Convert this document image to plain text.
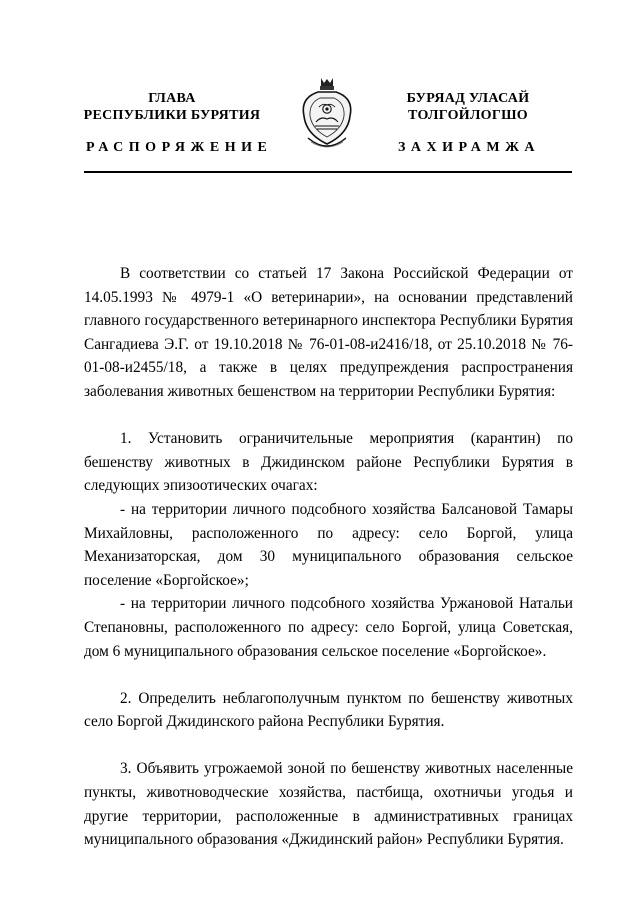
ГЛАВА
РЕСПУБЛИКИ БУРЯТИЯ
БУРЯАД УЛАСАЙ
ТОЛГОЙЛОГШО
РАСПОРЯЖЕНИЕ	ЗАХИРАМЖА

В соответствии со статьей 17 Закона Российской Федерации от 14.05.1993 № 4979-1 «О ветеринарии», на основании представлений главного государственного ветеринарного инспектора Республики Бурятия Сангадиева Э.Г. от 19.10.2018 № 76-01-08-и2416/18, от 25.10.2018 № 76-01-08-и2455/18, а также в целях предупреждения распространения заболевания животных бешенством на территории Республики Бурятия:

1. Установить ограничительные мероприятия (карантин) по бешенству животных в Джидинском районе Республики Бурятия в следующих эпизоотических очагах:

- на территории личного подсобного хозяйства Балсановой Тамары Михайловны, расположенного по адресу: село Боргой, улица Механизаторская, дом 30 муниципального образования сельское поселение «Боргойское»;

- на территории личного подсобного хозяйства Уржановой Натальи Степановны, расположенного по адресу: село Боргой, улица Советская, дом 6 муниципального образования сельское поселение «Боргойское».

2. Определить неблагополучным пунктом по бешенству животных село Боргой Джидинского района Республики Бурятия.

3. Объявить угрожаемой зоной по бешенству животных населенные пункты, животноводческие хозяйства, пастбища, охотничьи угодья и другие территории, расположенные в административных границах муниципального образования «Джидинский район» Республики Бурятия.
